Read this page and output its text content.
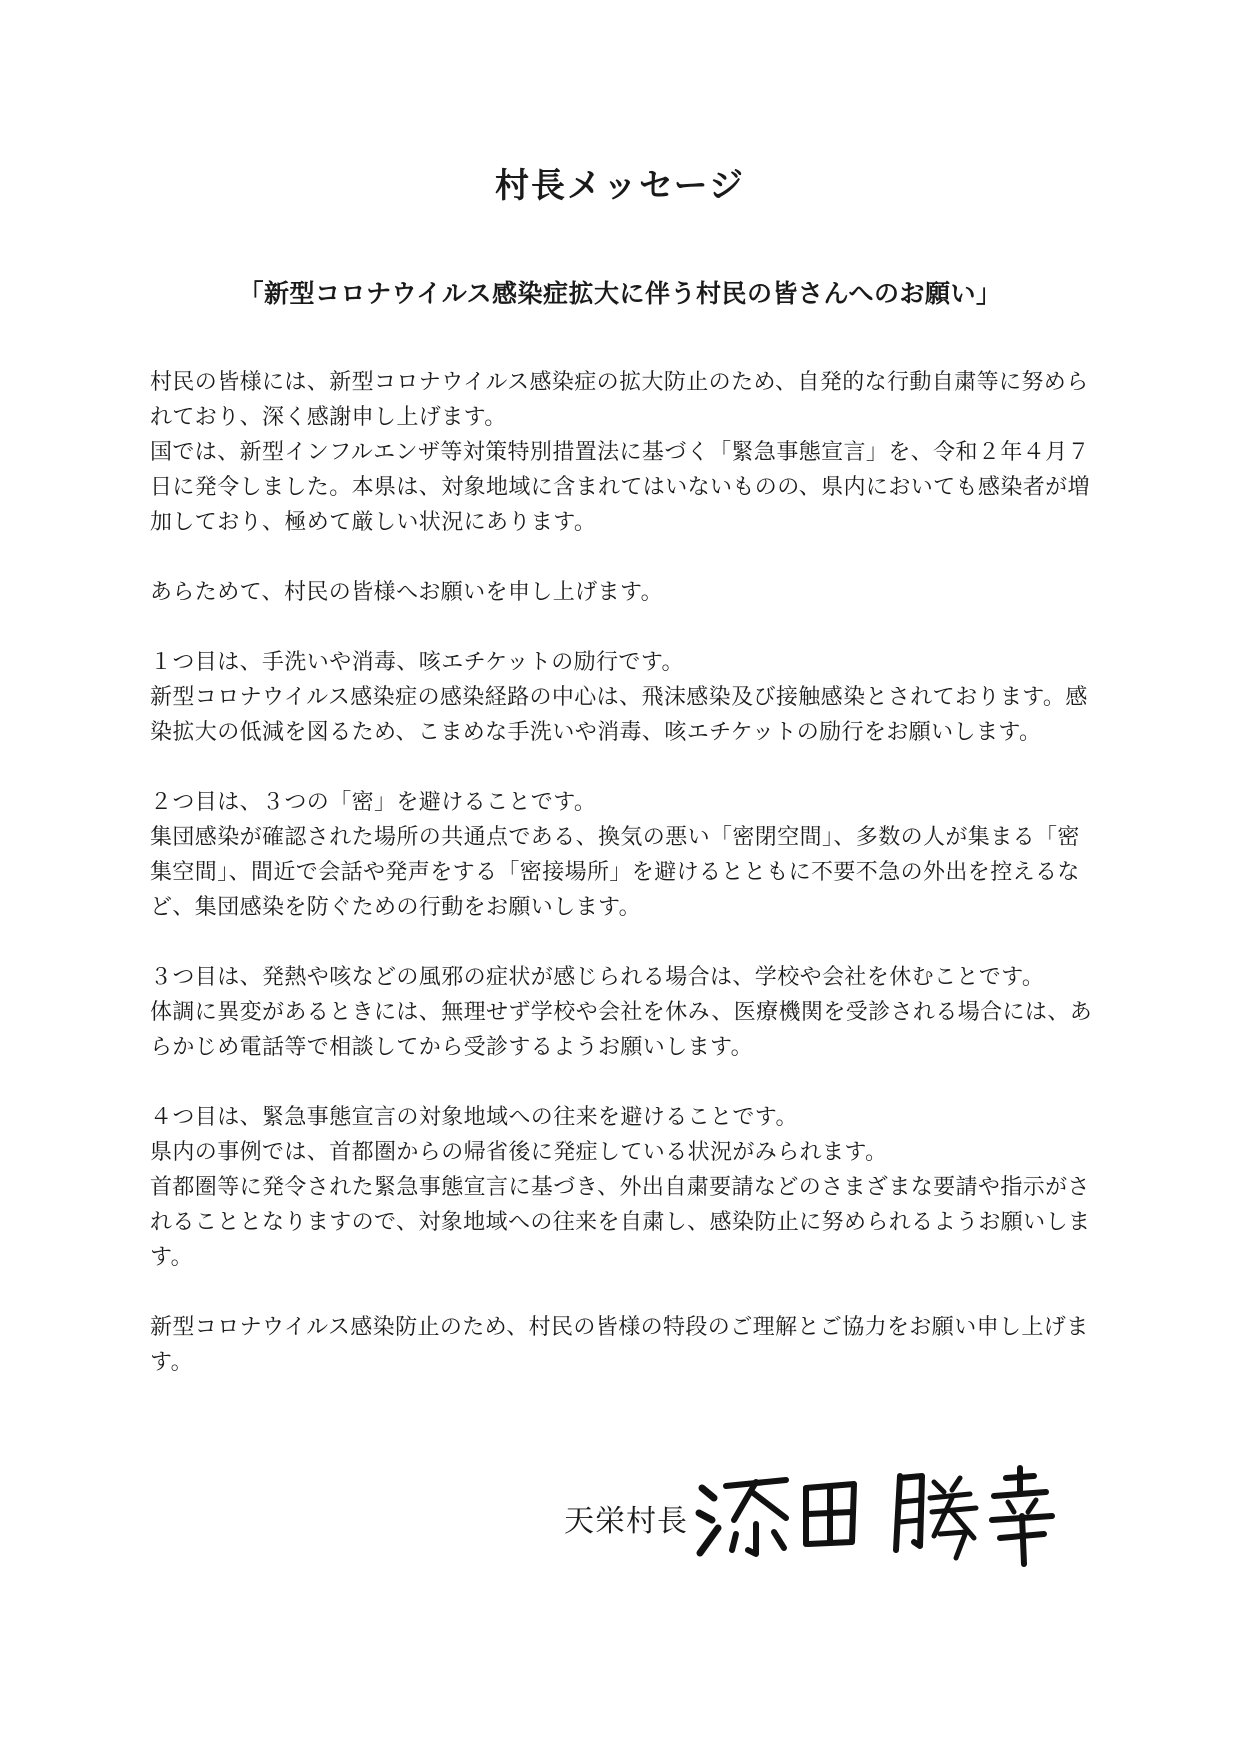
村長メッセージ
「新型コロナウイルス感染症拡大に伴う村民の皆さんへのお願い」

村民の皆様には、新型コロナウイルス感染症の拡大防止のため、自発的な行動自粛等に努められており、深く感謝申し上げます。

国では、新型インフルエンザ等対策特別措置法に基づく「緊急事態宣言」を、令和２年４月７日に発令しました。本県は、対象地域に含まれてはいないものの、県内においても感染者が増加しており、極めて厳しい状況にあります。

あらためて、村民の皆様へお願いを申し上げます。

１つ目は、手洗いや消毒、咳エチケットの励行です。

新型コロナウイルス感染症の感染経路の中心は、飛沫感染及び接触感染とされております。感染拡大の低減を図るため、こまめな手洗いや消毒、咳エチケットの励行をお願いします。

２つ目は、３つの「密」を避けることです。

集団感染が確認された場所の共通点である、換気の悪い「密閉空間」、多数の人が集まる「密集空間」、間近で会話や発声をする「密接場所」を避けるとともに不要不急の外出を控えるなど、集団感染を防ぐための行動をお願いします。

３つ目は、発熱や咳などの風邪の症状が感じられる場合は、学校や会社を休むことです。

体調に異変があるときには、無理せず学校や会社を休み、医療機関を受診される場合には、あらかじめ電話等で相談してから受診するようお願いします。

４つ目は、緊急事態宣言の対象地域への往来を避けることです。

県内の事例では、首都圏からの帰省後に発症している状況がみられます。

首都圏等に発令された緊急事態宣言に基づき、外出自粛要請などのさまざまな要請や指示がされることとなりますので、対象地域への往来を自粛し、感染防止に努められるようお願いします。

新型コロナウイルス感染防止のため、村民の皆様の特段のご理解とご協力をお願い申し上げます。

天栄村長
